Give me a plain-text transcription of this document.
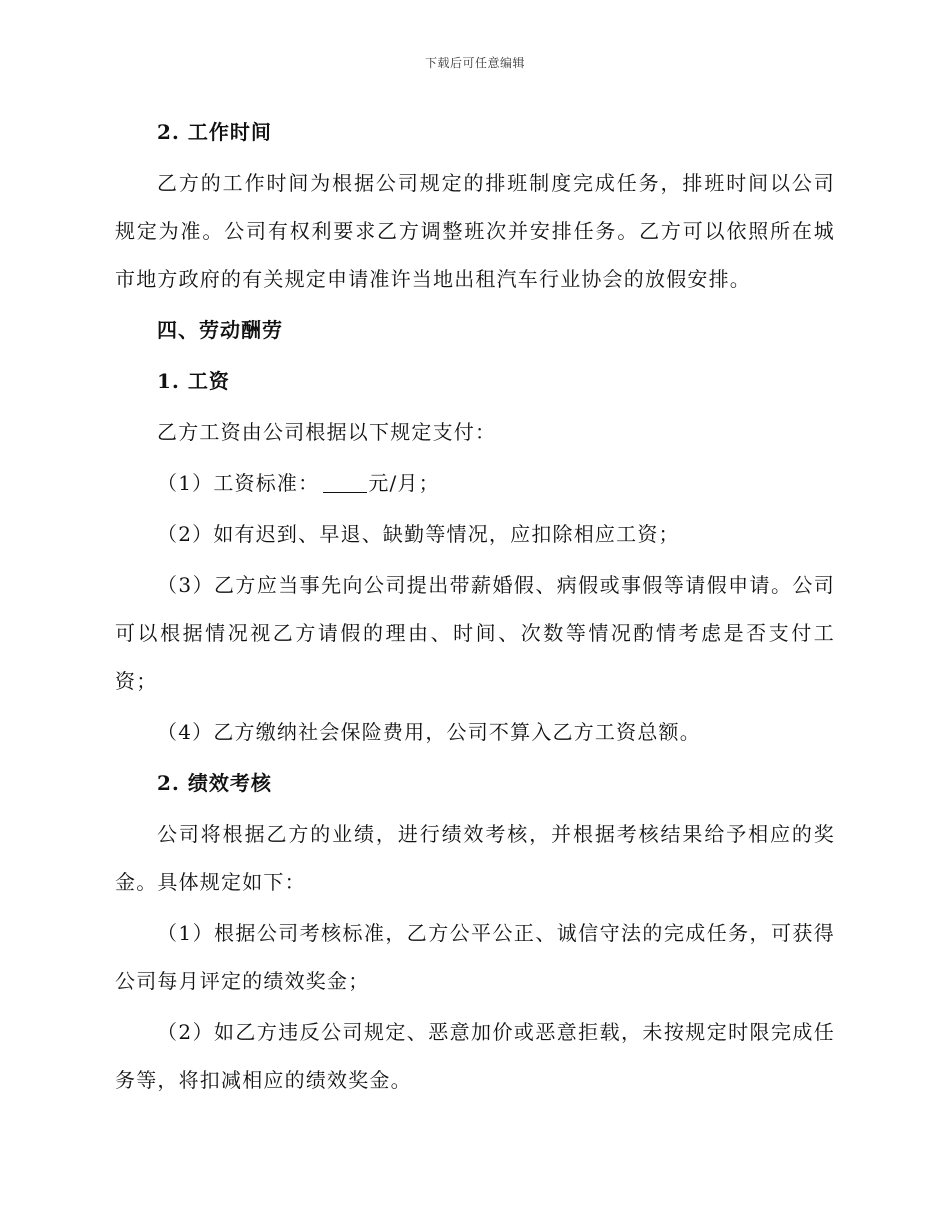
下载后可任意编辑

2. 工作时间

乙方的工作时间为根据公司规定的排班制度完成任务，排班时间以公司规定为准。公司有权利要求乙方调整班次并安排任务。乙方可以依照所在城市地方政府的有关规定申请准许当地出租汽车行业协会的放假安排。

四、劳动酬劳

1. 工资

乙方工资由公司根据以下规定支付：

（1）工资标准： 元/月；

（2）如有迟到、早退、缺勤等情况，应扣除相应工资；

（3）乙方应当事先向公司提出带薪婚假、病假或事假等请假申请。公司可以根据情况视乙方请假的理由、时间、次数等情况酌情考虑是否支付工资；

（4）乙方缴纳社会保险费用，公司不算入乙方工资总额。

2. 绩效考核

公司将根据乙方的业绩，进行绩效考核，并根据考核结果给予相应的奖金。具体规定如下：

（1）根据公司考核标准，乙方公平公正、诚信守法的完成任务，可获得公司每月评定的绩效奖金；

（2）如乙方违反公司规定、恶意加价或恶意拒载，未按规定时限完成任务等，将扣减相应的绩效奖金。
